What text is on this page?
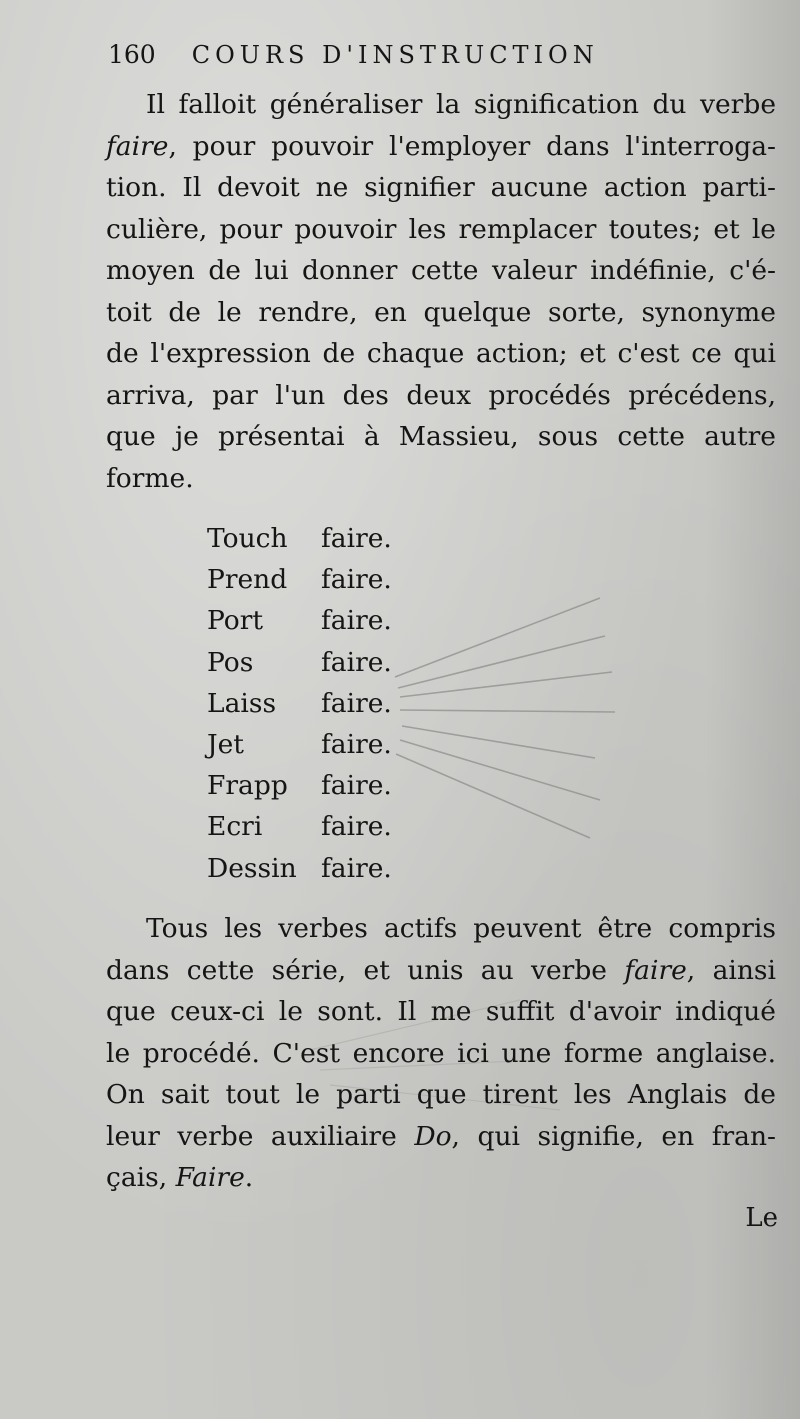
160 COURS D'INSTRUCTION
Il falloit généraliser la signification du verbe
faire, pour pouvoir l'employer dans l'interroga-
tion. Il devoit ne signifier aucune action parti-
culière, pour pouvoir les remplacer toutes; et le
moyen de lui donner cette valeur indéfinie, c'é-
toit de le rendre, en quelque sorte, synonyme
de l'expression de chaque action; et c'est ce qui
arriva, par l'un des deux procédés précédens,
que je présentai à Massieu, sous cette autre
forme.
Touch faire.
Prend faire.
Port faire.
Pos	faire.
Laiss faire.
Jet	faire.
Frapp faire.
Ecri faire.
Dessin faire.
Tous les verbes actifs peuvent être compris
dans cette série, et unis au verbe faire, ainsi
que ceux-ci le sont. Il me suffit d'avoir indiqué
le procédé. C'est encore ici une forme anglaise.
On sait tout le parti que tirent les Anglais de
leur verbe auxiliaire Do, qui signifie, en fran-
çais, Faire.
Le
